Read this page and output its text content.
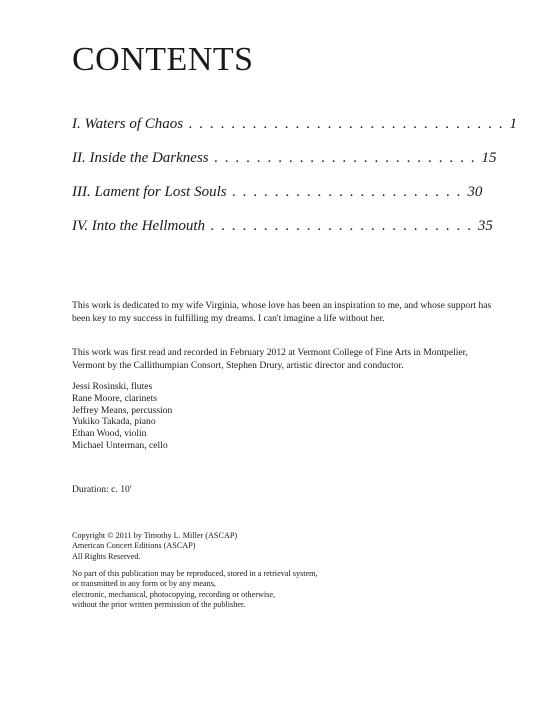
CONTENTS
I. Waters of Chaos . . . . . . . . . . . . . . . . . . . . . . . . . . . . . . 1
II. Inside the Darkness . . . . . . . . . . . . . . . . . . . . . . . . . 15
III. Lament for Lost Souls . . . . . . . . . . . . . . . . . . . . . . 30
IV. Into the Hellmouth . . . . . . . . . . . . . . . . . . . . . . . . . 35

This work is dedicated to my wife Virginia, whose love has been an inspiration to me, and whose support has been key to my success in fulfilling my dreams. I can't imagine a life without her.

This work was first read and recorded in February 2012 at Vermont College of Fine Arts in Montpelier, Vermont by the Callithumpian Consort, Stephen Drury, artistic director and conductor.

Jessi Rosinski, flutes
Rane Moore, clarinets
Jeffrey Means, percussion
Yukiko Takada, piano
Ethan Wood, violin
Michael Unterman, cello

Duration: c. 10'

Copyright © 2011 by Timothy L. Miller (ASCAP)
American Concert Editions (ASCAP)
All Rights Reserved.
No part of this publication may be reproduced, stored in a retrieval system,
or transmitted in any form or by any means,
electronic, mechanical, photocopying, recording or otherwise,
without the prior written permission of the publisher.
